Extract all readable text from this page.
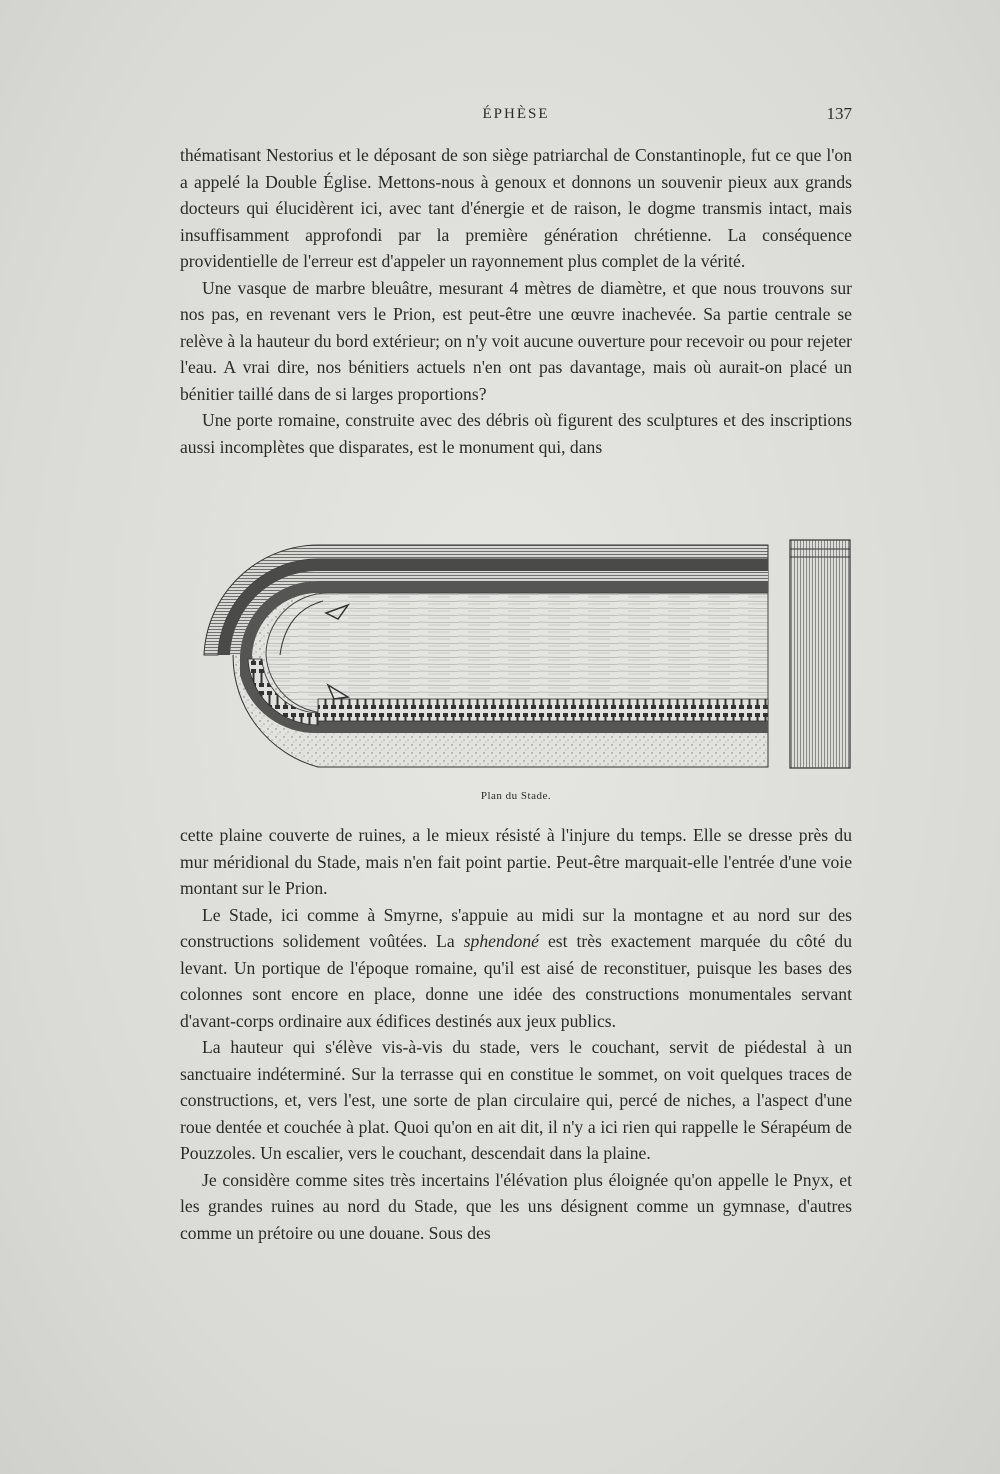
ÉPHÈSE	137

thématisant Nestorius et le déposant de son siège patriarchal de Constantinople, fut ce que l'on a appelé la Double Église. Mettons-nous à genoux et donnons un souvenir pieux aux grands docteurs qui élucidèrent ici, avec tant d'énergie et de raison, le dogme transmis intact, mais insuffisamment approfondi par la première génération chrétienne. La conséquence providentielle de l'erreur est d'appeler un rayonnement plus complet de la vérité.

Une vasque de marbre bleuâtre, mesurant 4 mètres de diamètre, et que nous trouvons sur nos pas, en revenant vers le Prion, est peut-être une œuvre inachevée. Sa partie centrale se relève à la hauteur du bord extérieur; on n'y voit aucune ouverture pour recevoir ou pour rejeter l'eau. A vrai dire, nos bénitiers actuels n'en ont pas davantage, mais où aurait-on placé un bénitier taillé dans de si larges proportions?

Une porte romaine, construite avec des débris où figurent des sculptures et des inscriptions aussi incomplètes que disparates, est le monument qui, dans

Plan du Stade.

cette plaine couverte de ruines, a le mieux résisté à l'injure du temps. Elle se dresse près du mur méridional du Stade, mais n'en fait point partie. Peut-être marquait-elle l'entrée d'une voie montant sur le Prion.

Le Stade, ici comme à Smyrne, s'appuie au midi sur la montagne et au nord sur des constructions solidement voûtées. La sphendoné est très exactement marquée du côté du levant. Un portique de l'époque romaine, qu'il est aisé de reconstituer, puisque les bases des colonnes sont encore en place, donne une idée des constructions monumentales servant d'avant-corps ordinaire aux édifices destinés aux jeux publics.

La hauteur qui s'élève vis-à-vis du stade, vers le couchant, servit de piédestal à un sanctuaire indéterminé. Sur la terrasse qui en constitue le sommet, on voit quelques traces de constructions, et, vers l'est, une sorte de plan circulaire qui, percé de niches, a l'aspect d'une roue dentée et couchée à plat. Quoi qu'on en ait dit, il n'y a ici rien qui rappelle le Sérapéum de Pouzzoles. Un escalier, vers le couchant, descendait dans la plaine.

Je considère comme sites très incertains l'élévation plus éloignée qu'on appelle le Pnyx, et les grandes ruines au nord du Stade, que les uns désignent comme un gymnase, d'autres comme un prétoire ou une douane. Sous des
